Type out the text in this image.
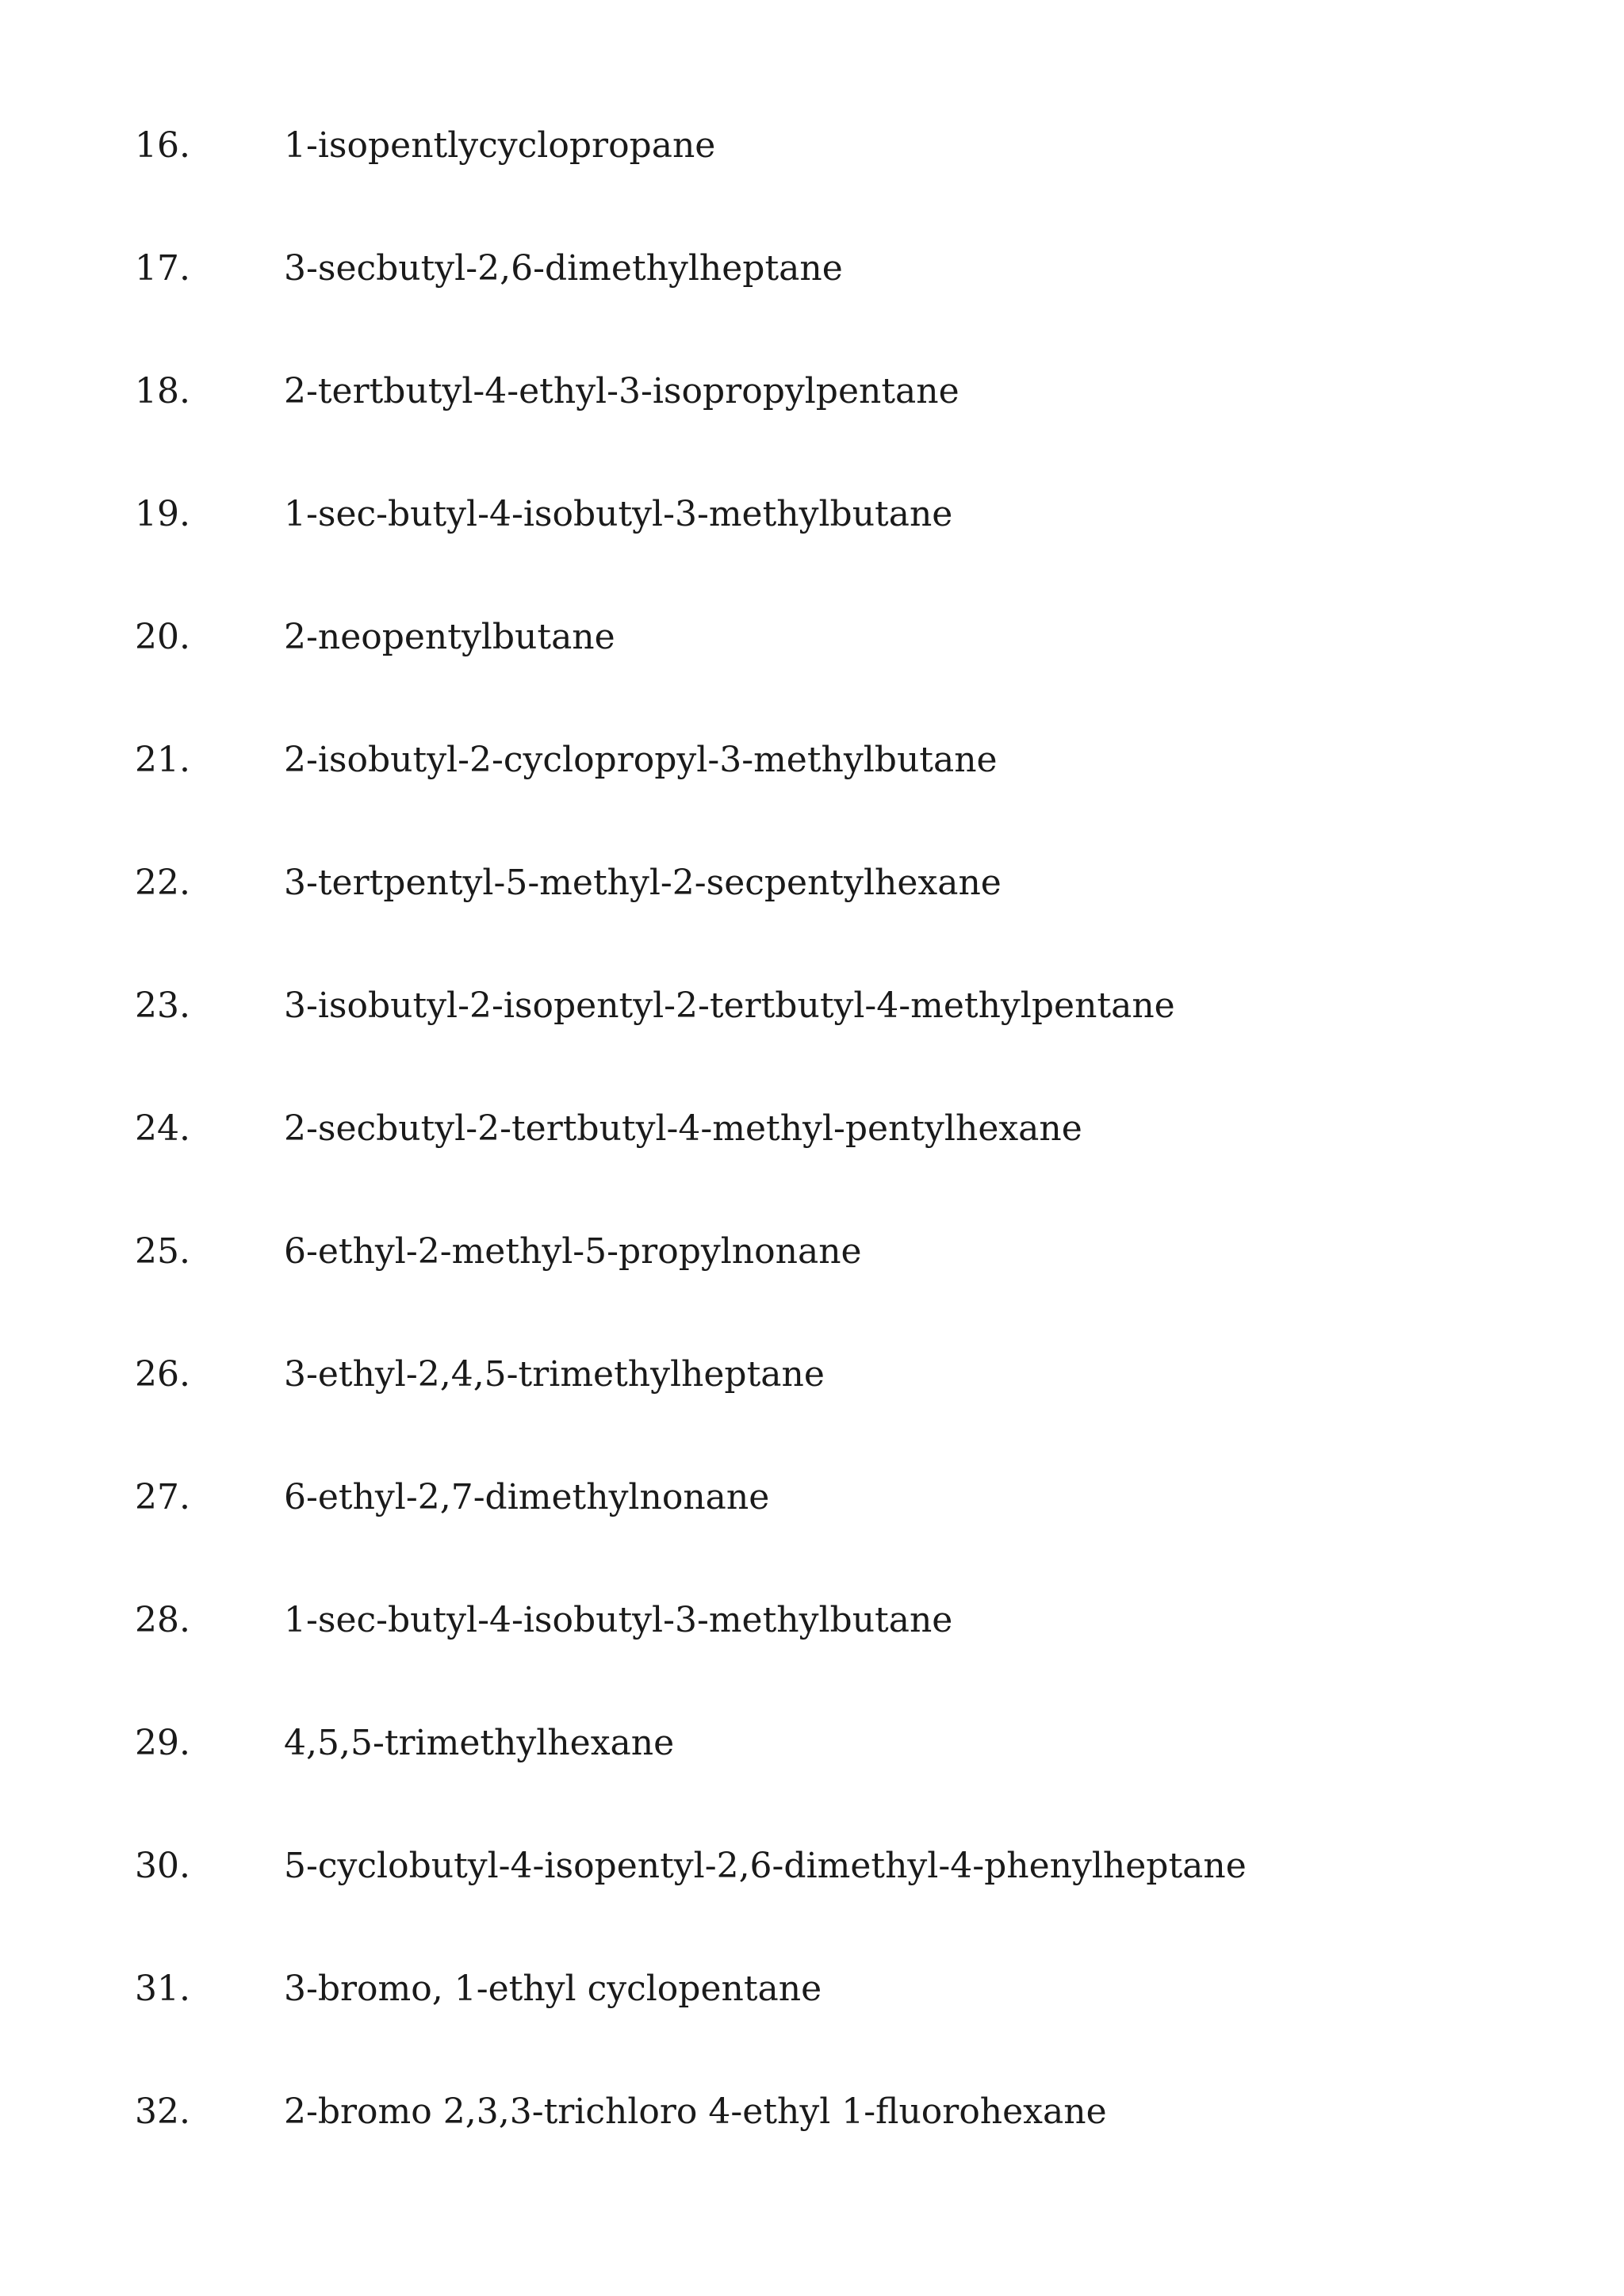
16.	1-isopentlycyclopropane
17.	3-secbutyl-2,6-dimethylheptane
18.	2-tertbutyl-4-ethyl-3-isopropylpentane
19.	1-sec-butyl-4-isobutyl-3-methylbutane
20.	2-neopentylbutane
21.	2-isobutyl-2-cyclopropyl-3-methylbutane
22.	3-tertpentyl-5-methyl-2-secpentylhexane
23.	3-isobutyl-2-isopentyl-2-tertbutyl-4-methylpentane
24.	2-secbutyl-2-tertbutyl-4-methyl-pentylhexane
25.	6-ethyl-2-methyl-5-propylnonane
26.	3-ethyl-2,4,5-trimethylheptane
27.	6-ethyl-2,7-dimethylnonane
28.	1-sec-butyl-4-isobutyl-3-methylbutane
29.	4,5,5-trimethylhexane
30.	5-cyclobutyl-4-isopentyl-2,6-dimethyl-4-phenylheptane
31.	3-bromo, 1-ethyl cyclopentane
32.	2-bromo 2,3,3-trichloro 4-ethyl 1-fluorohexane
